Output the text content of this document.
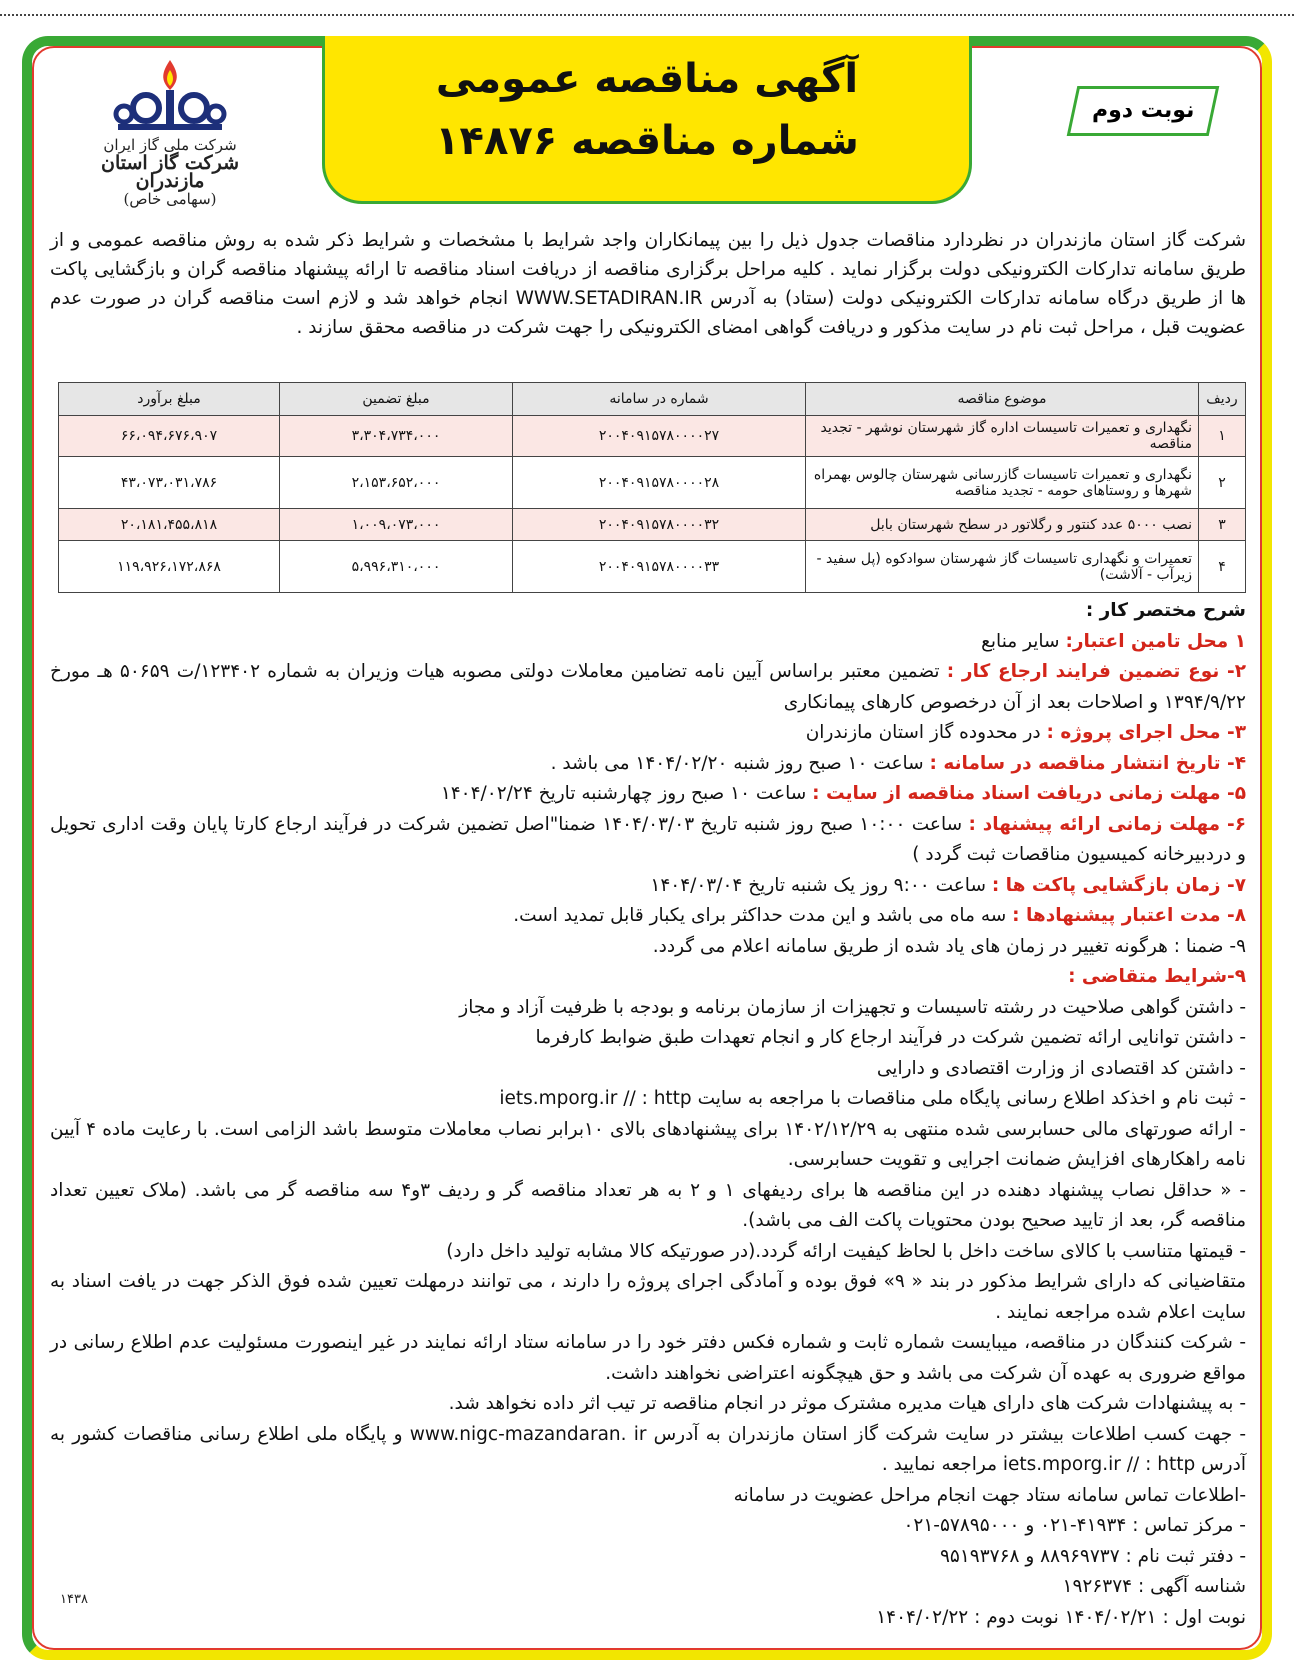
آگهی مناقصه عمومی
شماره مناقصه ۱۴۸۷۶
نوبت دوم
شرکت ملی گاز ایران
شرکت گاز استان مازندران
(سهامی خاص)
شرکت گاز استان مازندران در نظردارد مناقصات جدول ذیل را بین پیمانکاران واجد شرایط با مشخصات و شرایط ذکر شده به روش مناقصه عمومی و از طریق سامانه تدارکات الکترونیکی دولت برگزار نماید . کلیه مراحل برگزاری مناقصه از دریافت اسناد مناقصه تا ارائه پیشنهاد مناقصه گران و بازگشایی پاکت ها از طریق درگاه سامانه تدارکات الکترونیکی دولت (ستاد) به آدرس WWW.SETADIRAN.IR انجام خواهد شد و لازم است مناقصه گران در صورت عدم عضویت قبل ، مراحل ثبت نام در سایت مذکور و دریافت گواهی امضای الکترونیکی را جهت شرکت در مناقصه محقق سازند .
ردیف	موضوع مناقصه	شماره در سامانه	مبلغ تضمین	مبلغ برآورد
۱	نگهداری و تعمیرات تاسیسات اداره گاز شهرستان نوشهر - تجدید مناقصه	۲۰۰۴۰۹۱۵۷۸۰۰۰۰۲۷	۳،۳۰۴،۷۳۴،۰۰۰	۶۶،۰۹۴،۶۷۶،۹۰۷
۲	نگهداری و تعمیرات تاسیسات گازرسانی شهرستان چالوس بهمراه شهرها و روستاهای حومه - تجدید مناقصه	۲۰۰۴۰۹۱۵۷۸۰۰۰۰۲۸	۲،۱۵۳،۶۵۲،۰۰۰	۴۳،۰۷۳،۰۳۱،۷۸۶
۳	نصب ۵۰۰۰ عدد کنتور و رگلاتور در سطح شهرستان بابل	۲۰۰۴۰۹۱۵۷۸۰۰۰۰۳۲	۱،۰۰۹،۰۷۳،۰۰۰	۲۰،۱۸۱،۴۵۵،۸۱۸
۴	تعمیرات و نگهداری تاسیسات گاز شهرستان سوادکوه (پل سفید - زیرآب - آلاشت)	۲۰۰۴۰۹۱۵۷۸۰۰۰۰۳۳	۵،۹۹۶،۳۱۰،۰۰۰	۱۱۹،۹۲۶،۱۷۲،۸۶۸

شرح مختصر کار :

۱ محل تامین اعتبار: سایر منابع

۲- نوع تضمین فرایند ارجاع کار : تضمین معتبر براساس آیین نامه تضامین معاملات دولتی مصوبه هیات وزیران به شماره ۱۲۳۴۰۲/ت ۵۰۶۵۹ هـ مورخ ۱۳۹۴/۹/۲۲ و اصلاحات بعد از آن درخصوص کارهای پیمانکاری

۳- محل اجرای پروژه : در محدوده گاز استان مازندران

۴- تاریخ انتشار مناقصه در سامانه : ساعت ۱۰ صبح روز شنبه ۱۴۰۴/۰۲/۲۰ می باشد .

۵- مهلت زمانی دریافت اسناد مناقصه از سایت : ساعت ۱۰ صبح روز چهارشنبه تاریخ ۱۴۰۴/۰۲/۲۴

۶- مهلت زمانی ارائه پیشنهاد : ساعت ۱۰:۰۰ صبح روز شنبه تاریخ ۱۴۰۴/۰۳/۰۳ ضمنا"اصل تضمین شرکت در فرآیند ارجاع کارتا پایان وقت اداری تحویل و دردبیرخانه کمیسیون مناقصات ثبت گردد )

۷- زمان بازگشایی پاکت ها : ساعت ۹:۰۰ روز یک شنبه تاریخ ۱۴۰۴/۰۳/۰۴

۸- مدت اعتبار پیشنهادها : سه ماه می باشد و این مدت حداکثر برای یکبار قابل تمدید است.

۹- ضمنا : هرگونه تغییر در زمان های یاد شده از طریق سامانه اعلام می گردد.

۹-شرایط متقاضی :

- داشتن گواهی صلاحیت در رشته تاسیسات و تجهیزات از سازمان برنامه و بودجه با ظرفیت آزاد و مجاز

- داشتن توانایی ارائه تضمین شرکت در فرآیند ارجاع کار و انجام تعهدات طبق ضوابط کارفرما

- داشتن کد اقتصادی از وزارت اقتصادی و دارایی

- ثبت نام و اخذکد اطلاع رسانی پایگاه ملی مناقصات با مراجعه به سایت iets.mporg.ir // : http

- ارائه صورتهای مالی حسابرسی شده منتهی به ۱۴۰۲/۱۲/۲۹ برای پیشنهادهای بالای ۱۰برابر نصاب معاملات متوسط باشد الزامی است. با رعایت ماده ۴ آیین نامه راهکارهای افزایش ضمانت اجرایی و تقویت حسابرسی.

- « حداقل نصاب پیشنهاد دهنده در این مناقصه ها برای ردیفهای ۱ و ۲ به هر تعداد مناقصه گر و ردیف ۳و۴ سه مناقصه گر می باشد. (ملاک تعیین تعداد مناقصه گر، بعد از تایید صحیح بودن محتویات پاکت الف می باشد).

- قیمتها متناسب با کالای ساخت داخل با لحاظ کیفیت ارائه گردد.(در صورتیکه کالا مشابه تولید داخل دارد)

متقاضیانی که دارای شرایط مذکور در بند « ۹» فوق بوده و آمادگی اجرای پروژه را دارند ، می توانند درمهلت تعیین شده فوق الذکر جهت در یافت اسناد به سایت اعلام شده مراجعه نمایند .

- شرکت کنندگان در مناقصه، میبایست شماره ثابت و شماره فکس دفتر خود را در سامانه ستاد ارائه نمایند در غیر اینصورت مسئولیت عدم اطلاع رسانی در مواقع ضروری به عهده آن شرکت می باشد و حق هیچگونه اعتراضی نخواهند داشت.

- به پیشنهادات شرکت های دارای هیات مدیره مشترک موثر در انجام مناقصه تر تیب اثر داده نخواهد شد.

- جهت کسب اطلاعات بیشتر در سایت شرکت گاز استان مازندران به آدرس www.nigc-mazandaran. ir و پایگاه ملی اطلاع رسانی مناقصات کشور به آدرس iets.mporg.ir // : http مراجعه نمایید .

-اطلاعات تماس سامانه ستاد جهت انجام مراحل عضویت در سامانه

- مرکز تماس : ۴۱۹۳۴-۰۲۱ و ۵۷۸۹۵۰۰۰-۰۲۱

- دفتر ثبت نام : ۸۸۹۶۹۷۳۷ و ۹۵۱۹۳۷۶۸

شناسه آگهی : ۱۹۲۶۳۷۴

نوبت اول : ۱۴۰۴/۰۲/۲۱ نوبت دوم : ۱۴۰۴/۰۲/۲۲

۱۴۳۸
